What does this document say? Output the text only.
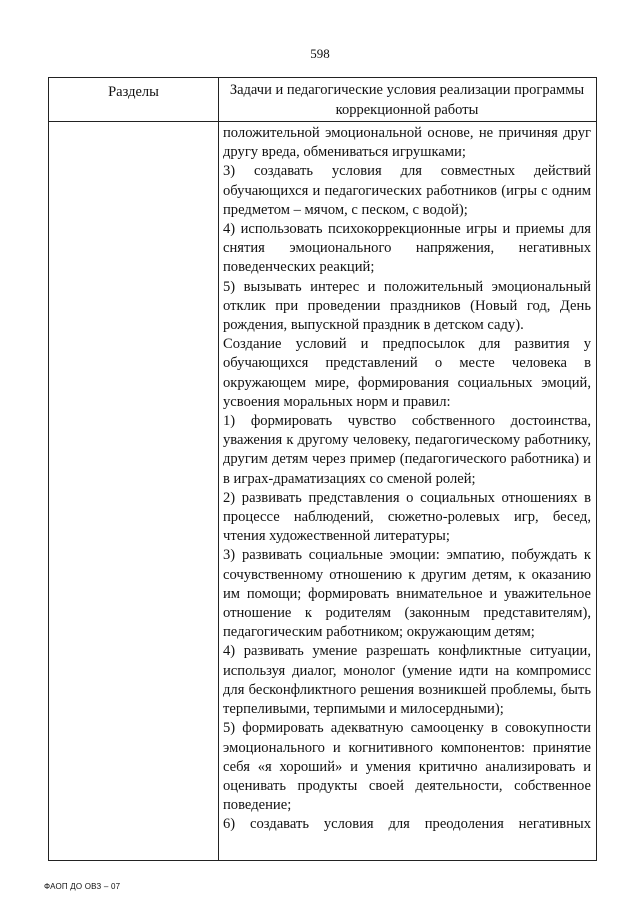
598
Разделы	Задачи и педагогические условия реализации программы коррекционной работы

положительной эмоциональной основе, не причиняя друг другу вреда, обмениваться игрушками;

3) создавать условия для совместных действий обучающихся и педагогических работников (игры с одним предметом – мячом, с песком, с водой);

4) использовать психокоррекционные игры и приемы для снятия эмоционального напряжения, негативных поведенческих реакций;

5) вызывать интерес и положительный эмоциональный отклик при проведении праздников (Новый год, День рождения, выпускной праздник в детском саду).

Создание условий и предпосылок для развития у обучающихся представлений о месте человека в окружающем мире, формирования социальных эмоций, усвоения моральных норм и правил:

1) формировать чувство собственного достоинства, уважения к другому человеку, педагогическому работнику, другим детям через пример (педагогического работника) и в играх-драматизациях со сменой ролей;

2) развивать представления о социальных отношениях в процессе наблюдений, сюжетно-ролевых игр, бесед, чтения художественной литературы;

3) развивать социальные эмоции: эмпатию, побуждать к сочувственному отношению к другим детям, к оказанию им помощи; формировать внимательное и уважительное отношение к родителям (законным представителям), педагогическим работником; окружающим детям;

4) развивать умение разрешать конфликтные ситуации, используя диалог, монолог (умение идти на компромисс для бесконфликтного решения возникшей проблемы, быть терпеливыми, терпимыми и милосердными);

5) формировать адекватную самооценку в совокупности эмоционального и когнитивного компонентов: принятие себя «я хороший» и умения критично анализировать и оценивать продукты своей деятельности, собственное поведение;

6) создавать условия для преодоления негативных

ФАОП ДО ОВЗ – 07
